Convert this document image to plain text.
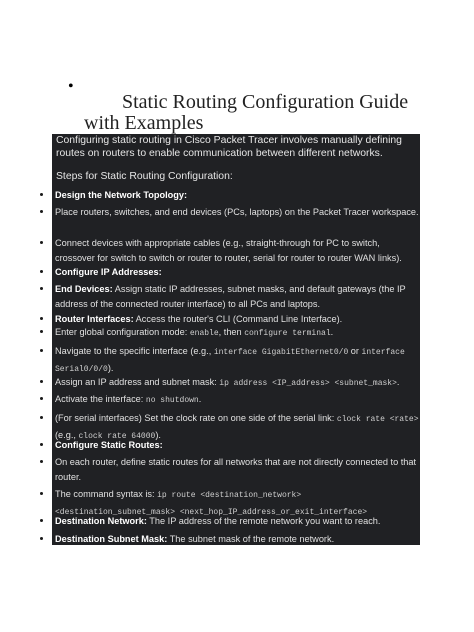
•
Static Routing Configuration Guide
with Examples
Configuring static routing in Cisco Packet Tracer involves manually defining routes on routers to enable communication between different networks.
Steps for Static Routing Configuration:
Design the Network Topology:
Place routers, switches, and end devices (PCs, laptops) on the Packet Tracer workspace.
Connect devices with appropriate cables (e.g., straight-through for PC to switch, crossover for switch to switch or router to router, serial for router to router WAN links).
Configure IP Addresses:
End Devices: Assign static IP addresses, subnet masks, and default gateways (the IP address of the connected router interface) to all PCs and laptops.
Router Interfaces: Access the router's CLI (Command Line Interface).
Enter global configuration mode: enable, then configure terminal.
Navigate to the specific interface (e.g., interface GigabitEthernet0/0 or interface Serial0/0/0).
Assign an IP address and subnet mask: ip address <IP_address> <subnet_mask>.
Activate the interface: no shutdown.
(For serial interfaces) Set the clock rate on one side of the serial link: clock rate <rate> (e.g., clock rate 64000).
Configure Static Routes:
On each router, define static routes for all networks that are not directly connected to that router.
The command syntax is: ip route <destination_network> <destination_subnet_mask> <next_hop_IP_address_or_exit_interface>
Destination Network: The IP address of the remote network you want to reach.
Destination Subnet Mask: The subnet mask of the remote network.
